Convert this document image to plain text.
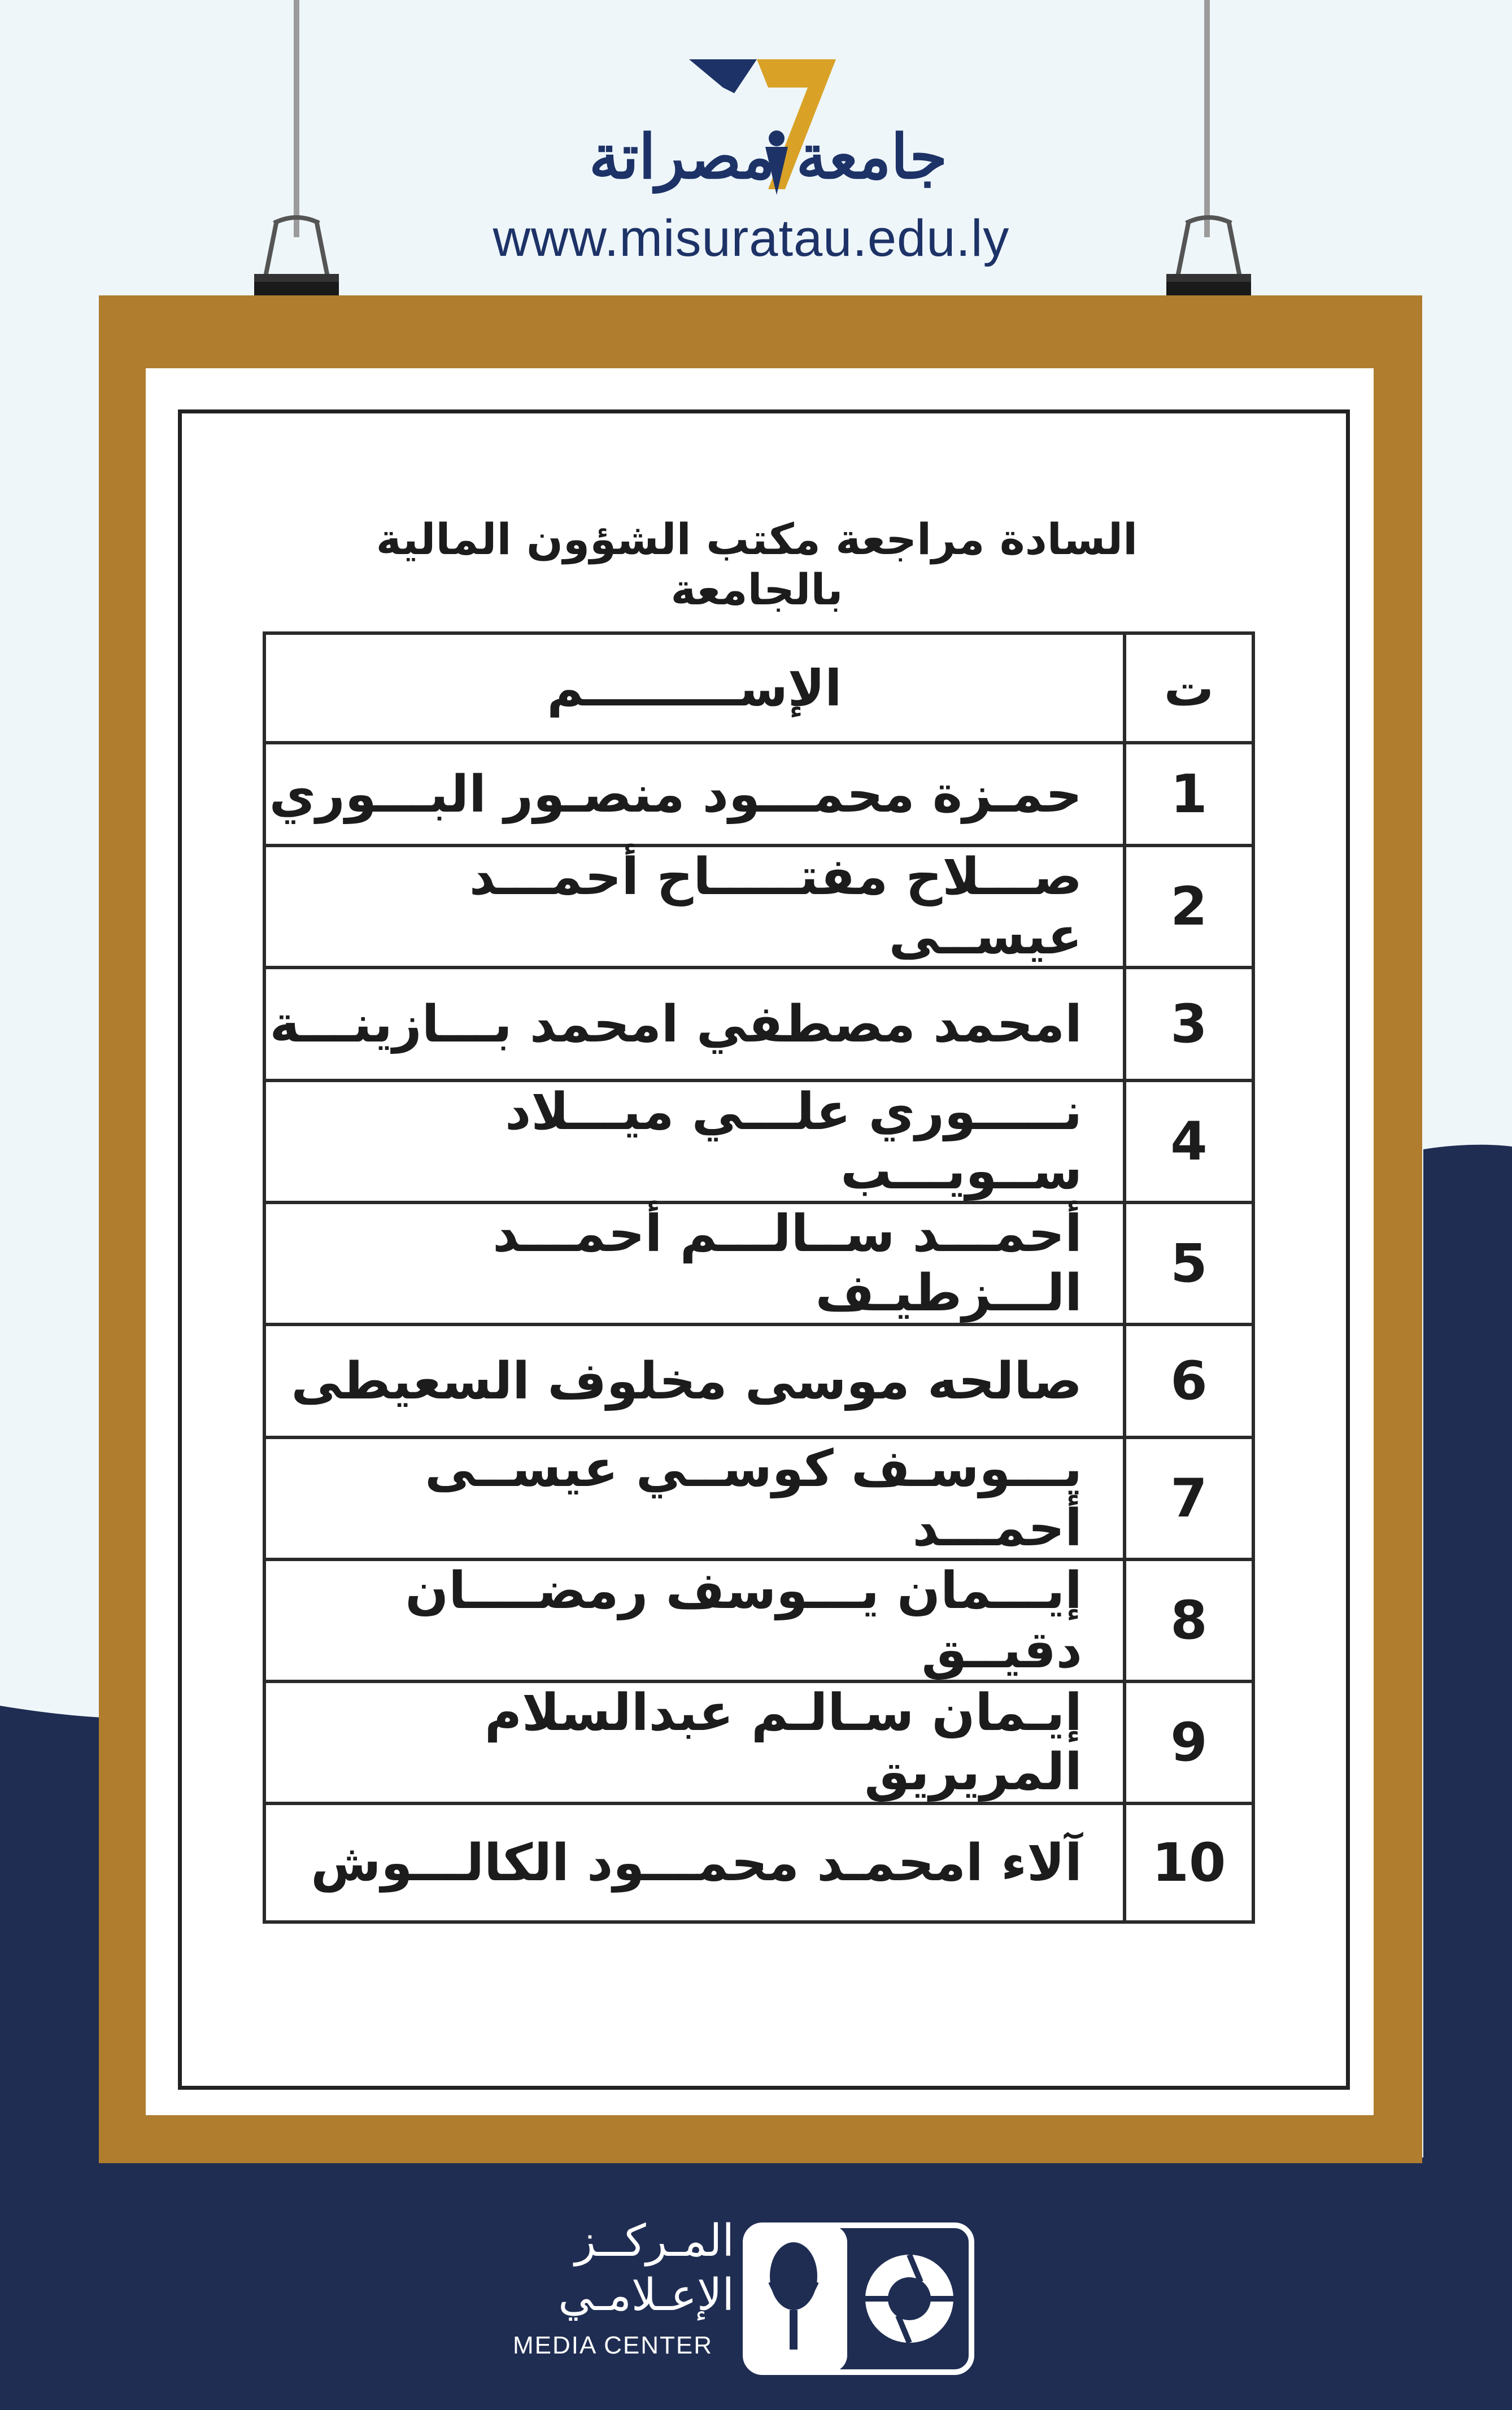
جامعة مصراتة
www.misuratau.edu.ly
السادة مراجعة مكتب الشؤون المالية بالجامعة
ت	الإســـــــــم
1	حمـزة محمـــود منصـور البـــوري
2	صـــلاح مفتـــــاح أحمـــد عيســى
3	امحمد مصطفي امحمد بـــازينـــة
4	نـــــوري علـــي ميـــلاد ســويـــب
5	أحمـــد ســالـــم أحمـــد الـــزطيـف
6	صالحه موسى مخلوف السعيطى
7	يـــوسـف كوســي عيســى أحمـــد
8	إيـــمان يـــوسف رمضــــان دقيــق
9	إيـمان سـالـم عبدالسلام المريريق
10	آلاء امحمـد محمـــود الكالـــوش
المـركــز
الإعـلامـي
MEDIA CENTER
